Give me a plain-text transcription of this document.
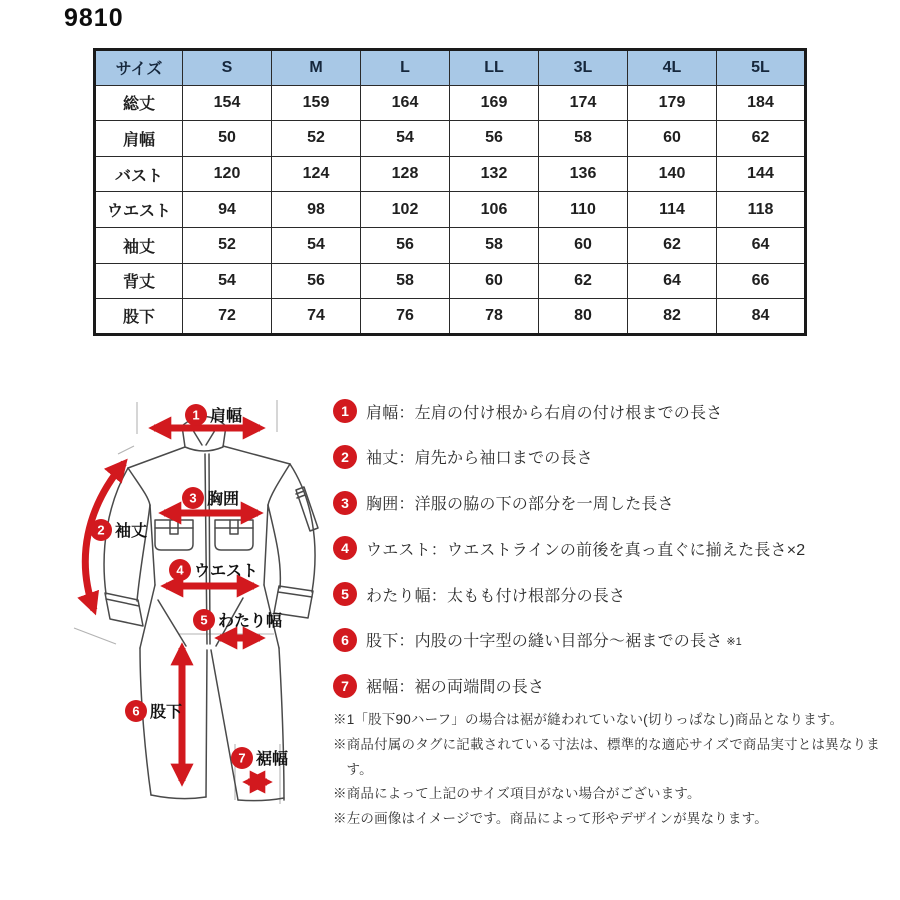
9810
サイズ	S	M	L	LL	3L	4L	5L
総丈	154	159	164	169	174	179	184
肩幅	50	52	54	56	58	60	62
バスト	120	124	128	132	136	140	144
ウエスト	94	98	102	106	110	114	118
袖丈	52	54	56	58	60	62	64
背丈	54	56	58	60	62	64	66
股下	72	74	76	78	80	82	84
1 肩幅
2 袖丈
3 胸囲
4 ウエスト
5 わたり幅
6 股下
7 裾幅
1	肩幅：左肩の付け根から右肩の付け根までの長さ
2	袖丈：肩先から袖口までの長さ
3	胸囲：洋服の脇の下の部分を一周した長さ
4	ウエスト：ウエストラインの前後を真っ直ぐに揃えた長さ×2
5	わたり幅：太もも付け根部分の長さ
6	股下：内股の十字型の縫い目部分～裾までの長さ ※1
7	裾幅：裾の両端間の長さ

※1「股下90ハーフ」の場合は裾が縫われていない(切りっぱなし)商品となります。

※商品付属のタグに記載されている寸法は、標準的な適応サイズで商品実寸とは異なります。

※商品によって上記のサイズ項目がない場合がございます。

※左の画像はイメージです。商品によって形やデザインが異なります。
